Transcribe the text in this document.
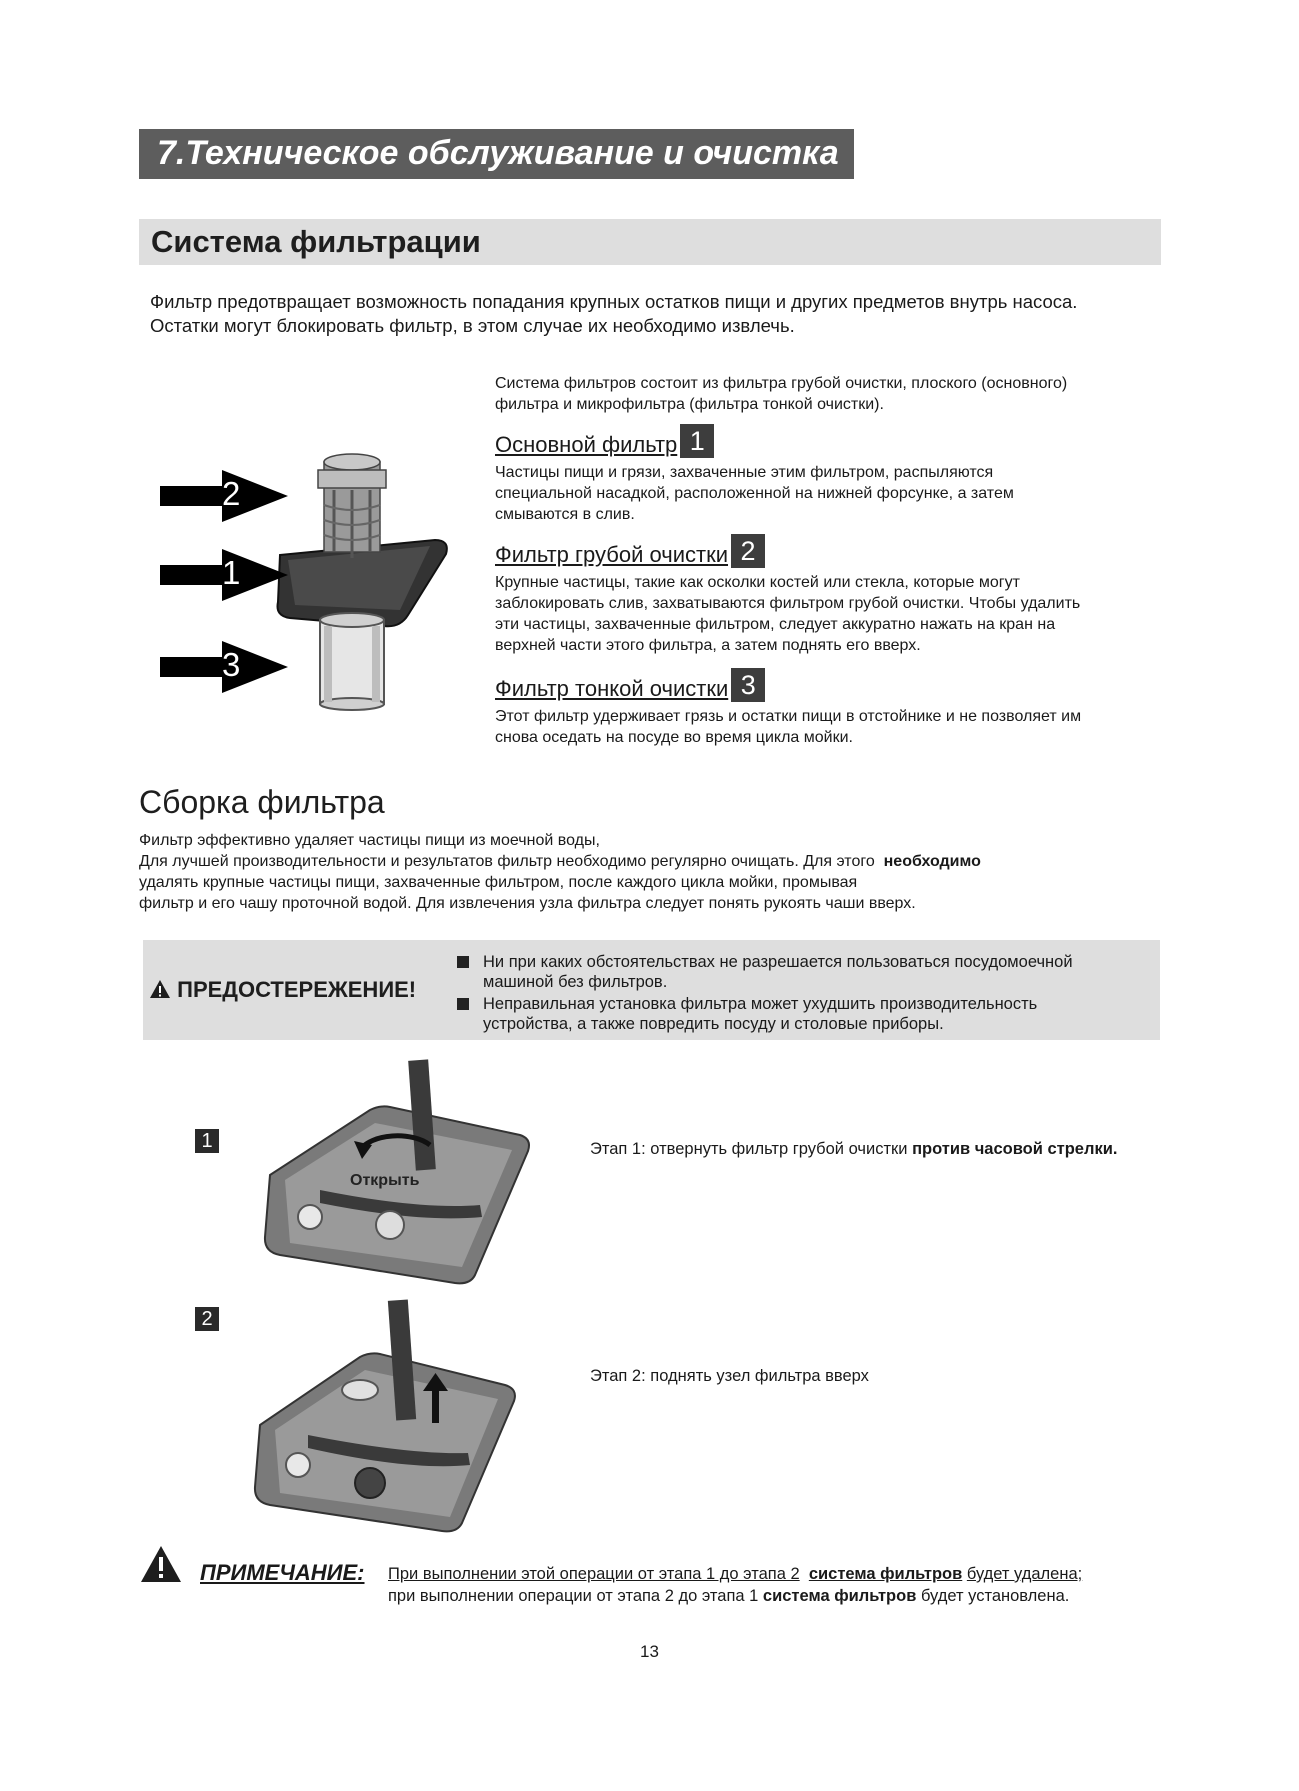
7.Техническое обслуживание и очистка
Система фильтрации

Фильтр предотвращает возможность попадания крупных остатков пищи и других предметов внутрь насоса.

Остатки могут блокировать фильтр, в этом случае их необходимо извлечь.

2
1
3

Система фильтров состоит из фильтра грубой очистки, плоского (основного)

фильтра и микрофильтра (фильтра тонкой очистки).

Основной фильтр 1

Частицы пищи и грязи, захваченные этим фильтром, распыляются

специальной насадкой, расположенной на нижней форсунке, а затем

смываются в слив.

Фильтр грубой очистки 2

Крупные частицы, такие как осколки костей или стекла, которые могут

заблокировать слив, захватываются фильтром грубой очистки. Чтобы удалить

эти частицы, захваченные фильтром, следует аккуратно нажать на кран на

верхней части этого фильтра, а затем поднять его вверх.

Фильтр тонкой очистки 3

Этот фильтр удерживает грязь и остатки пищи в отстойнике и не позволяет им

снова оседать на посуде во время цикла мойки.

Сборка фильтра

Фильтр эффективно удаляет частицы пищи из моечной воды,

Для лучшей производительности и результатов фильтр необходимо регулярно очищать. Для этого необходимо

удалять крупные частицы пищи, захваченные фильтром, после каждого цикла мойки, промывая

фильтр и его чашу проточной водой. Для извлечения узла фильтра следует понять рукоять чаши вверх.

ПРЕДОСТЕРЕЖЕНИЕ!
Ни при каких обстоятельствах не разрешается пользоваться посудомоечной
машиной без фильтров.
Неправильная установка фильтра может ухудшить производительность
устройства, а также повредить посуду и столовые приборы.
1
Открыть
Этап 1: отвернуть фильтр грубой очистки против часовой стрелки.
2
Этап 2: поднять узел фильтра вверх
ПРИМЕЧАНИЕ: При выполнении этой операции от этапа 1 до этапа 2 система фильтров будет удалена;
при выполнении операции от этапа 2 до этапа 1 система фильтров будет установлена.
13
